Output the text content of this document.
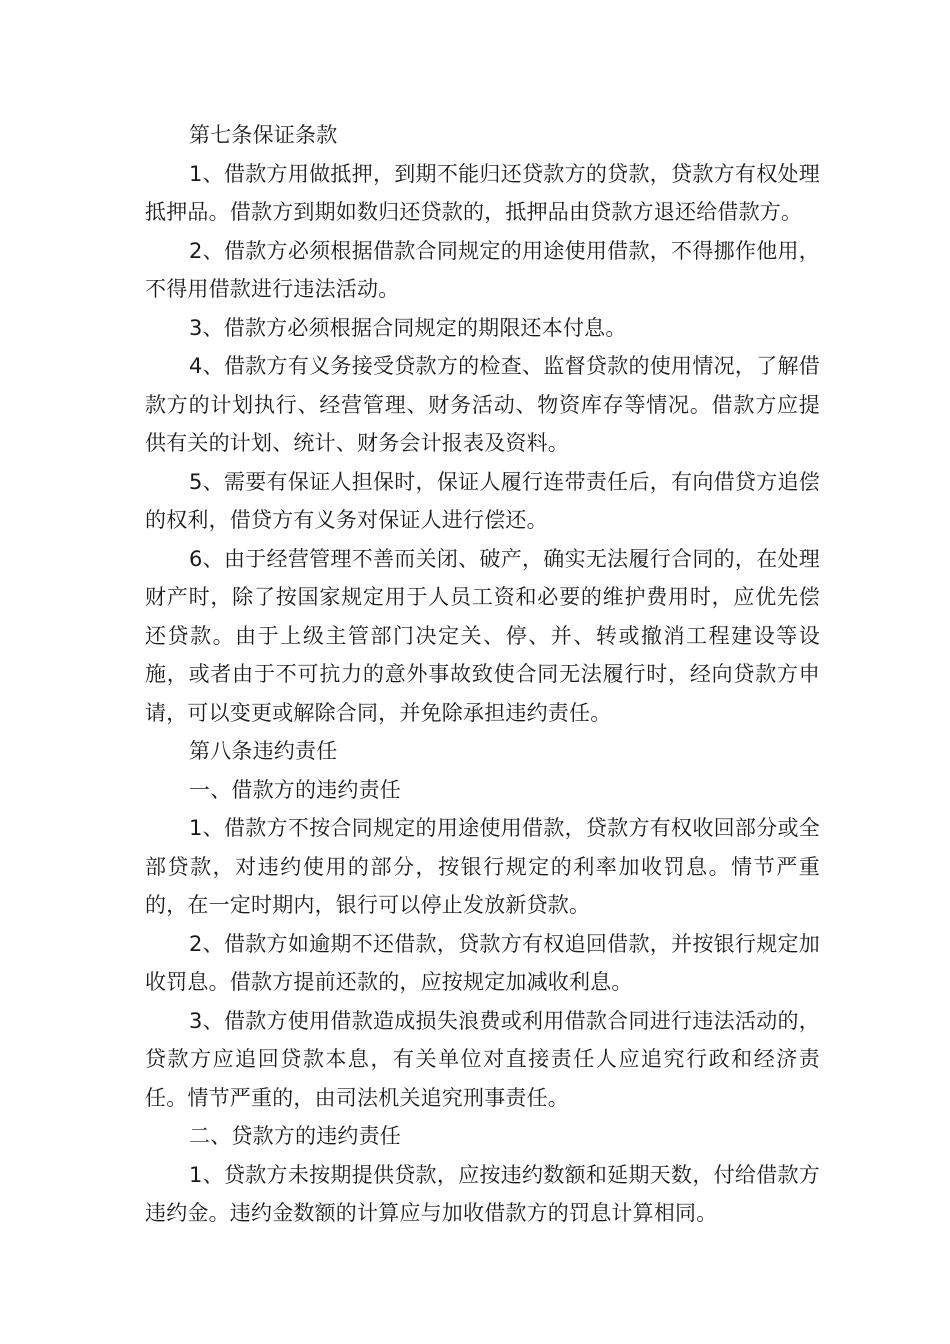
第七条保证条款

1、借款方用做抵押，到期不能归还贷款方的贷款，贷款方有权处理抵押品。借款方到期如数归还贷款的，抵押品由贷款方退还给借款方。

2、借款方必须根据借款合同规定的用途使用借款，不得挪作他用，不得用借款进行违法活动。

3、借款方必须根据合同规定的期限还本付息。

4、借款方有义务接受贷款方的检查、监督贷款的使用情况，了解借款方的计划执行、经营管理、财务活动、物资库存等情况。借款方应提供有关的计划、统计、财务会计报表及资料。

5、需要有保证人担保时，保证人履行连带责任后，有向借贷方追偿的权利，借贷方有义务对保证人进行偿还。

6、由于经营管理不善而关闭、破产，确实无法履行合同的，在处理财产时，除了按国家规定用于人员工资和必要的维护费用时，应优先偿还贷款。由于上级主管部门决定关、停、并、转或撤消工程建设等设施，或者由于不可抗力的意外事故致使合同无法履行时，经向贷款方申请，可以变更或解除合同，并免除承担违约责任。

第八条违约责任

一、借款方的违约责任

1、借款方不按合同规定的用途使用借款，贷款方有权收回部分或全部贷款，对违约使用的部分，按银行规定的利率加收罚息。情节严重的，在一定时期内，银行可以停止发放新贷款。

2、借款方如逾期不还借款，贷款方有权追回借款，并按银行规定加收罚息。借款方提前还款的，应按规定加减收利息。

3、借款方使用借款造成损失浪费或利用借款合同进行违法活动的，贷款方应追回贷款本息，有关单位对直接责任人应追究行政和经济责任。情节严重的，由司法机关追究刑事责任。

二、贷款方的违约责任

1、贷款方未按期提供贷款，应按违约数额和延期天数，付给借款方违约金。违约金数额的计算应与加收借款方的罚息计算相同。
